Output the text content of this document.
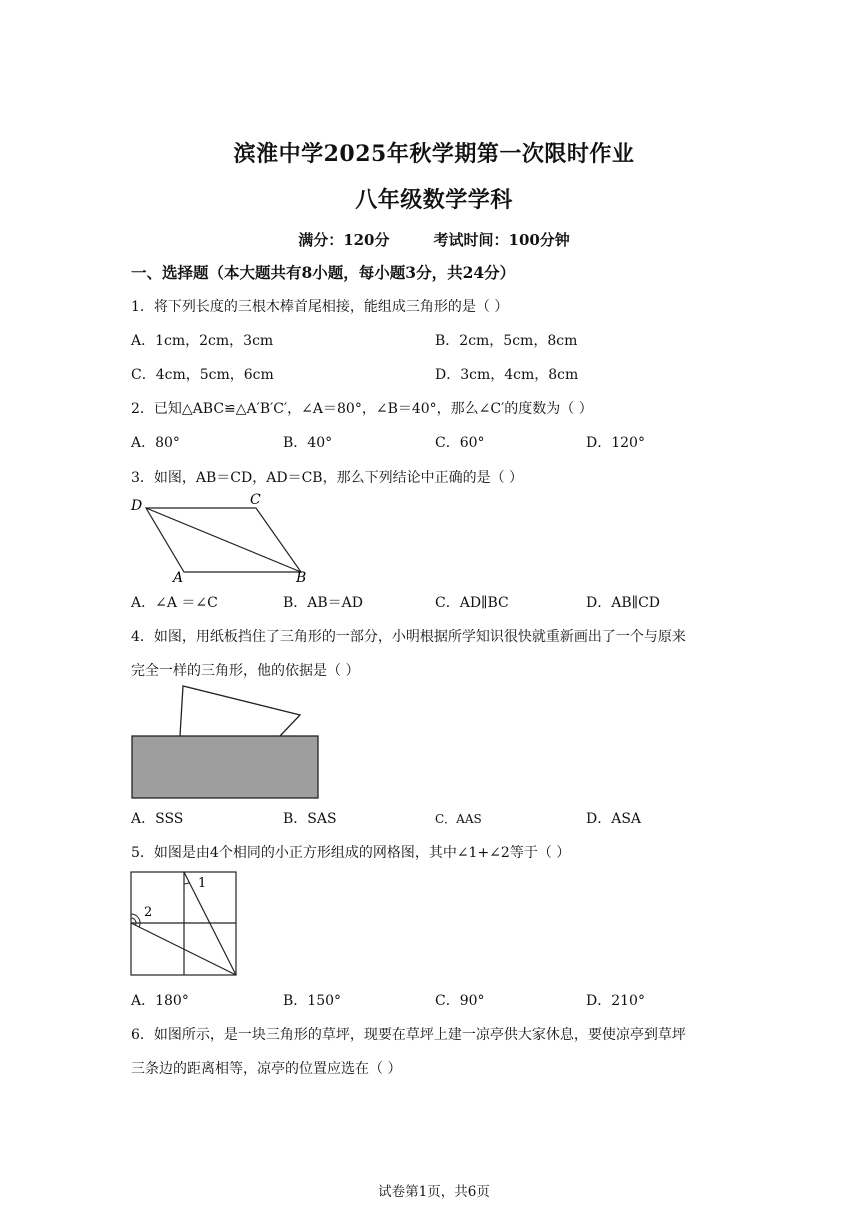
滨淮中学2025年秋学期第一次限时作业
八年级数学学科
满分：120分	考试时间：100分钟
一、选择题（本大题共有8小题，每小题3分，共24分）
1．将下列长度的三根木棒首尾相接，能组成三角形的是（ ）
A．1cm，2cm，3cm	B．2cm，5cm，8cm
C．4cm，5cm，6cm	D．3cm，4cm，8cm
2．已知△ABC≌△A′B′C′，∠A＝80°，∠B＝40°，那么∠C′的度数为（ ）
A．80°	B．40°	C．60°	D．120°
3．如图，AB＝CD，AD＝CB，那么下列结论中正确的是（ ）
D	C
A	B
A．∠A ＝∠C	B．AB＝AD	C．AD∥BC	D．AB∥CD
4．如图，用纸板挡住了三角形的一部分，小明根据所学知识很快就重新画出了一个与原来
完全一样的三角形，他的依据是（ ）
A．SSS	B．SAS	C．AAS	D．ASA
5．如图是由4个相同的小正方形组成的网格图，其中∠1+∠2等于（ ）
1
2
A．180°	B．150°	C．90°	D．210°
6．如图所示，是一块三角形的草坪，现要在草坪上建一凉亭供大家休息，要使凉亭到草坪
三条边的距离相等，凉亭的位置应选在（ ）
试卷第1页，共6页
